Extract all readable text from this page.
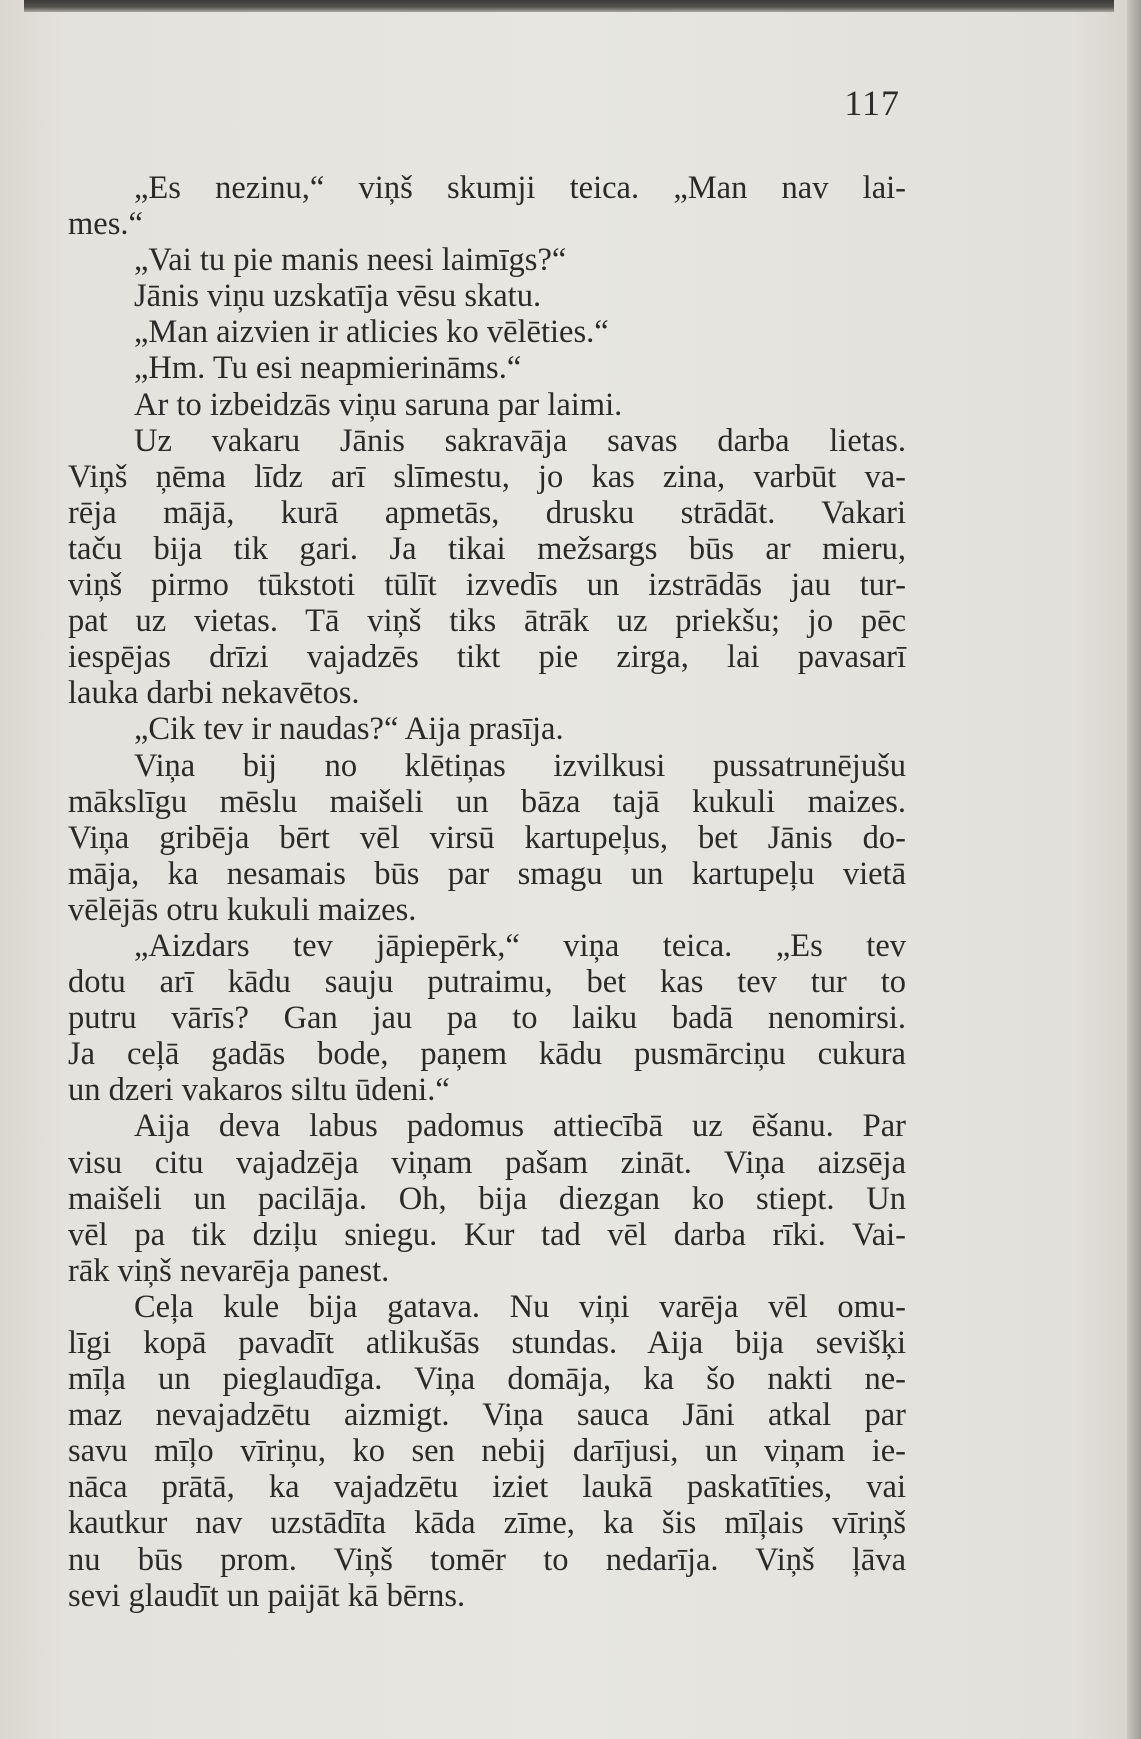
117
„Es nezinu,“ viņš skumji teica. „Man nav lai-
mes.“
„Vai tu pie manis neesi laimīgs?“
Jānis viņu uzskatīja vēsu skatu.
„Man aizvien ir atlicies ko vēlēties.“
„Hm. Tu esi neapmierināms.“
Ar to izbeidzās viņu saruna par laimi.
Uz vakaru Jānis sakravāja savas darba lietas.
Viņš ņēma līdz arī slīmestu, jo kas zina, varbūt va-
rēja mājā, kurā apmetās, drusku strādāt. Vakari
taču bija tik gari. Ja tikai mežsargs būs ar mieru,
viņš pirmo tūkstoti tūlīt izvedīs un izstrādās jau tur-
pat uz vietas. Tā viņš tiks ātrāk uz priekšu; jo pēc
iespējas drīzi vajadzēs tikt pie zirga, lai pavasarī
lauka darbi nekavētos.
„Cik tev ir naudas?“ Aija prasīja.
Viņa bij no klētiņas izvilkusi pussatrunējušu
mākslīgu mēslu maišeli un bāza tajā kukuli maizes.
Viņa gribēja bērt vēl virsū kartupeļus, bet Jānis do-
māja, ka nesamais būs par smagu un kartupeļu vietā
vēlējās otru kukuli maizes.
„Aizdars tev jāpiepērk,“ viņa teica. „Es tev
dotu arī kādu sauju putraimu, bet kas tev tur to
putru vārīs? Gan jau pa to laiku badā nenomirsi.
Ja ceļā gadās bode, paņem kādu pusmārciņu cukura
un dzeri vakaros siltu ūdeni.“
Aija deva labus padomus attiecībā uz ēšanu. Par
visu citu vajadzēja viņam pašam zināt. Viņa aizsēja
maišeli un pacilāja. Oh, bija diezgan ko stiept. Un
vēl pa tik dziļu sniegu. Kur tad vēl darba rīki. Vai-
rāk viņš nevarēja panest.
Ceļa kule bija gatava. Nu viņi varēja vēl omu-
līgi kopā pavadīt atlikušās stundas. Aija bija sevišķi
mīļa un pieglaudīga. Viņa domāja, ka šo nakti ne-
maz nevajadzētu aizmigt. Viņa sauca Jāni atkal par
savu mīļo vīriņu, ko sen nebij darījusi, un viņam ie-
nāca prātā, ka vajadzētu iziet laukā paskatīties, vai
kautkur nav uzstādīta kāda zīme, ka šis mīļais vīriņš
nu būs prom. Viņš tomēr to nedarīja. Viņš ļāva
sevi glaudīt un paijāt kā bērns.
